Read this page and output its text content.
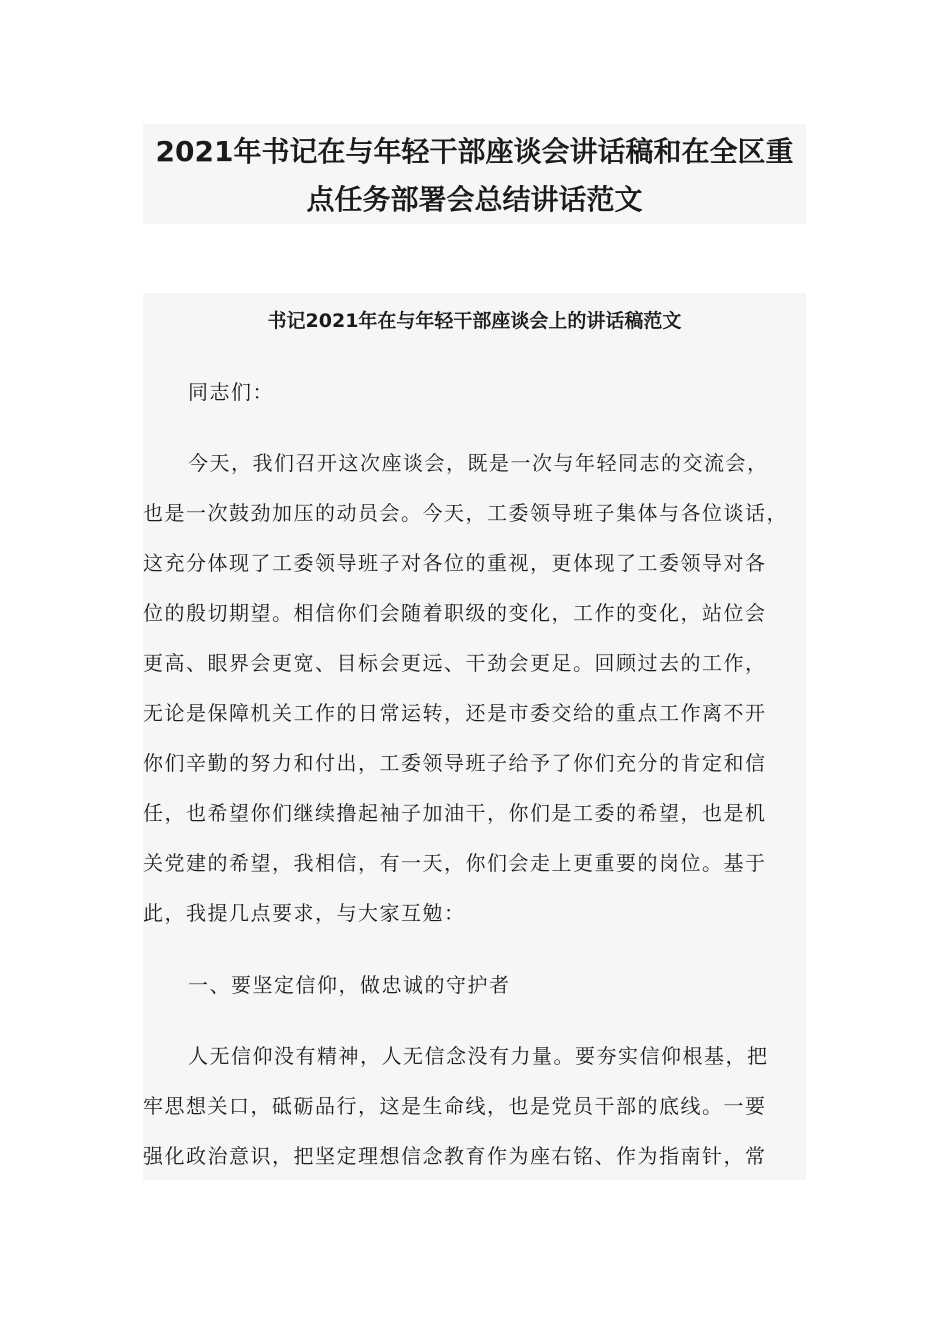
2021年书记在与年轻干部座谈会讲话稿和在全区重
点任务部署会总结讲话范文
书记2021年在与年轻干部座谈会上的讲话稿范文
同志们：
今天，我们召开这次座谈会，既是一次与年轻同志的交流会，
也是一次鼓劲加压的动员会。今天，工委领导班子集体与各位谈话，
这充分体现了工委领导班子对各位的重视，更体现了工委领导对各
位的殷切期望。相信你们会随着职级的变化，工作的变化，站位会
更高、眼界会更宽、目标会更远、干劲会更足。回顾过去的工作，
无论是保障机关工作的日常运转，还是市委交给的重点工作离不开
你们辛勤的努力和付出，工委领导班子给予了你们充分的肯定和信
任，也希望你们继续撸起袖子加油干，你们是工委的希望，也是机
关党建的希望，我相信，有一天，你们会走上更重要的岗位。基于
此，我提几点要求，与大家互勉：
一、要坚定信仰，做忠诚的守护者
人无信仰没有精神，人无信念没有力量。要夯实信仰根基，把
牢思想关口，砥砺品行，这是生命线，也是党员干部的底线。一要
强化政治意识，把坚定理想信念教育作为座右铭、作为指南针，常
